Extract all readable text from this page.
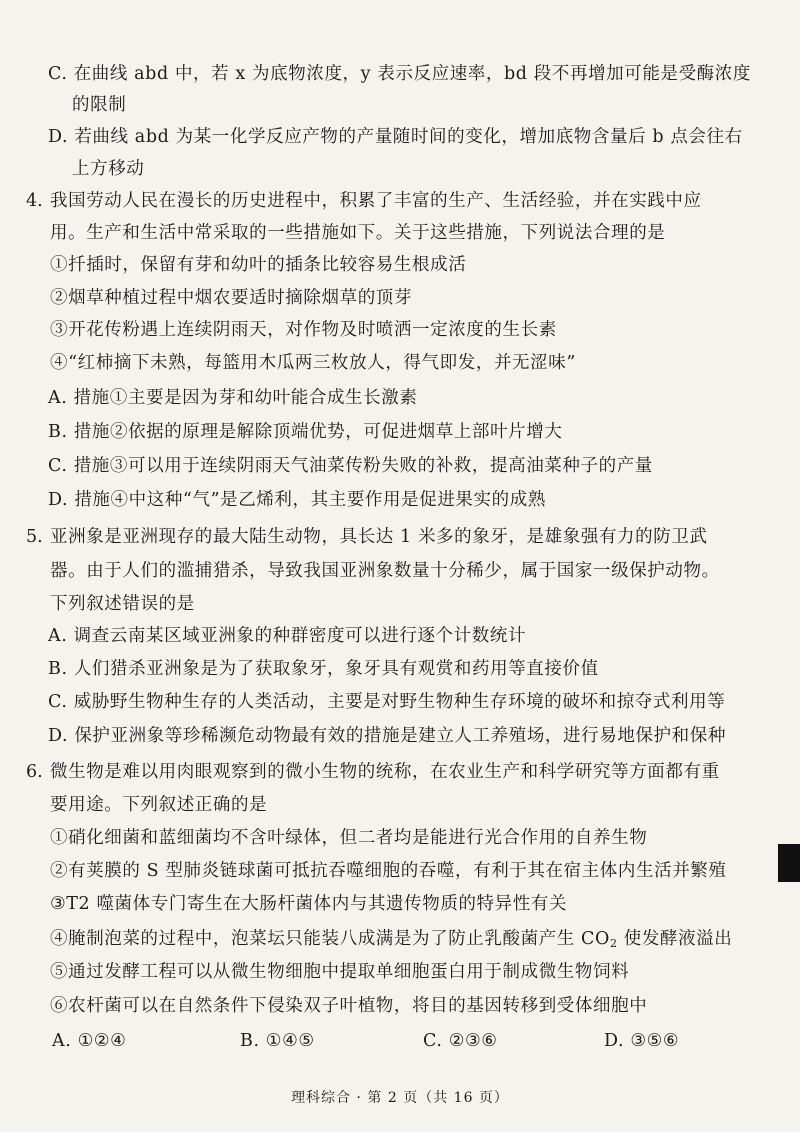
C. 在曲线 abd 中，若 x 为底物浓度，y 表示反应速率，bd 段不再增加可能是受酶浓度
的限制
D. 若曲线 abd 为某一化学反应产物的产量随时间的变化，增加底物含量后 b 点会往右
上方移动
4. 我国劳动人民在漫长的历史进程中，积累了丰富的生产、生活经验，并在实践中应
用。生产和生活中常采取的一些措施如下。关于这些措施，下列说法合理的是
①扦插时，保留有芽和幼叶的插条比较容易生根成活
②烟草种植过程中烟农要适时摘除烟草的顶芽
③开花传粉遇上连续阴雨天，对作物及时喷洒一定浓度的生长素
④“红柿摘下未熟，每篮用木瓜两三枚放人，得气即发，并无涩味”
A. 措施①主要是因为芽和幼叶能合成生长激素
B. 措施②依据的原理是解除顶端优势，可促进烟草上部叶片增大
C. 措施③可以用于连续阴雨天气油菜传粉失败的补救，提高油菜种子的产量
D. 措施④中这种“气”是乙烯利，其主要作用是促进果实的成熟
5. 亚洲象是亚洲现存的最大陆生动物，具长达 1 米多的象牙，是雄象强有力的防卫武
器。由于人们的滥捕猎杀，导致我国亚洲象数量十分稀少，属于国家一级保护动物。
下列叙述错误的是
A. 调查云南某区域亚洲象的种群密度可以进行逐个计数统计
B. 人们猎杀亚洲象是为了获取象牙，象牙具有观赏和药用等直接价值
C. 威胁野生物种生存的人类活动，主要是对野生物种生存环境的破坏和掠夺式利用等
D. 保护亚洲象等珍稀濒危动物最有效的措施是建立人工养殖场，进行易地保护和保种
6. 微生物是难以用肉眼观察到的微小生物的统称，在农业生产和科学研究等方面都有重
要用途。下列叙述正确的是
①硝化细菌和蓝细菌均不含叶绿体，但二者均是能进行光合作用的自养生物
②有荚膜的 S 型肺炎链球菌可抵抗吞噬细胞的吞噬，有利于其在宿主体内生活并繁殖
③T2 噬菌体专门寄生在大肠杆菌体内与其遗传物质的特异性有关
④腌制泡菜的过程中，泡菜坛只能装八成满是为了防止乳酸菌产生 $CO_2$ 使发酵液溢出
⑤通过发酵工程可以从微生物细胞中提取单细胞蛋白用于制成微生物饲料
⑥农杆菌可以在自然条件下侵染双子叶植物，将目的基因转移到受体细胞中
A. ①②④	B. ①④⑤	C. ②③⑥	D. ③⑤⑥
理科综合 · 第 2 页（共 16 页）
